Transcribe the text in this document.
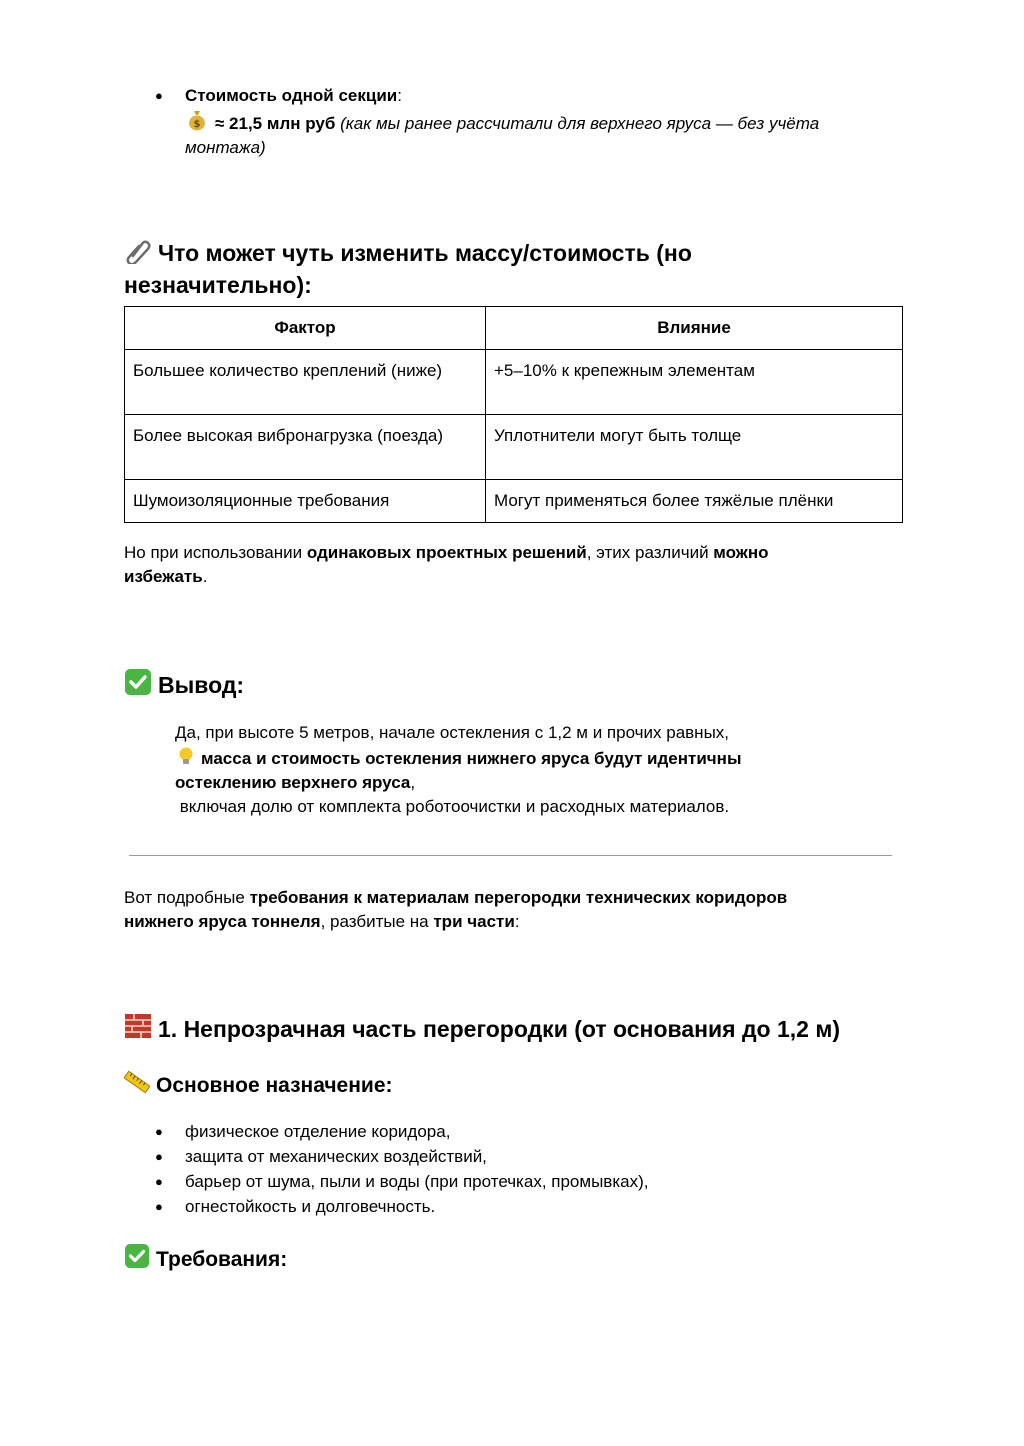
● Стоимость одной секции:

$ ≈ 21,5 млн руб (как мы ранее рассчитали для верхнего яруса — без учёта
монтажа)
Что может чуть изменить массу/стоимость (но
незначительно):
Фактор	Влияние
Большее количество креплений (ниже)	+5–10% к крепежным элементам
Более высокая вибронагрузка (поезда)	Уплотнители могут быть толще
Шумоизоляционные требования	Могут применяться более тяжёлые плёнки
Но при использовании одинаковых проектных решений, этих различий можно
избежать.
Вывод:
Да, при высоте 5 метров, начале остекления с 1,2 м и прочих равных,
масса и стоимость остекления нижнего яруса будут идентичны
остеклению верхнего яруса,
включая долю от комплекта роботоочистки и расходных материалов.
Вот подробные требования к материалам перегородки технических коридоров
нижнего яруса тоннеля, разбитые на три части:
1. Непрозрачная часть перегородки (от основания до 1,2 м)
Основное назначение:
● физическое отделение коридора,
● защита от механических воздействий,
● барьер от шума, пыли и воды (при протечках, промывках),
● огнестойкость и долговечность.
Требования:
